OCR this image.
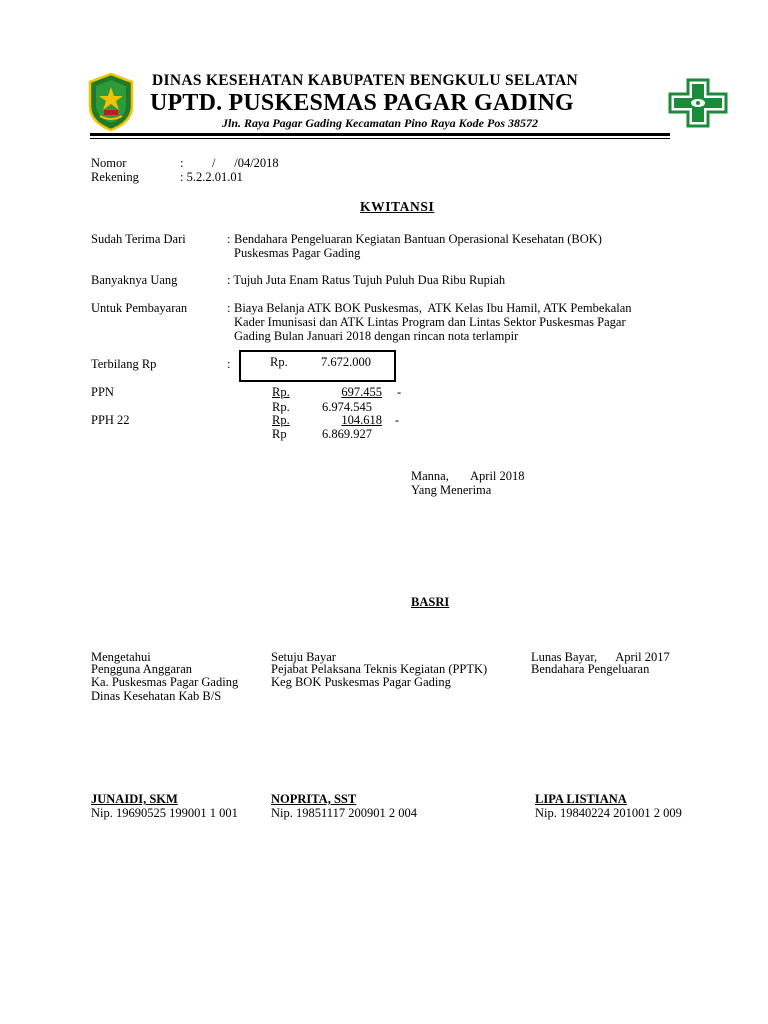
DINAS KESEHATAN KABUPATEN BENGKULU SELATAN
UPTD. PUSKESMAS PAGAR GADING
Jln. Raya Pagar Gading Kecamatan Pino Raya Kode Pos 38572
Nomor	: /      /04/2018
Rekening	: 5.2.2.01.01
KWITANSI
Sudah Terima Dari	: Bendahara Pengeluaran Kegiatan Bantuan Operasional Kesehatan (BOK)
Puskesmas Pagar Gading
Banyaknya Uang	: Tujuh Juta Enam Ratus Tujuh Puluh Dua Ribu Rupiah
Untuk Pembayaran	: Biaya Belanja ATK BOK Puskesmas,  ATK Kelas Ibu Hamil, ATK Pembekalan
Kader Imunisasi dan ATK Lintas Program dan Lintas Sektor Puskesmas Pagar
Gading Bulan Januari 2018 dengan rincan nota terlampir
Terbilang Rp	:	Rp.	7.672.000
PPN	Rp.	697.455 -
Rp.	6.974.545
PPH 22	Rp.	104.618 -
Rp	6.869.927
Manna,       April 2018
Yang Menerima
BASRI
Mengetahui
Pengguna Anggaran
Ka. Puskesmas Pagar Gading
Dinas Kesehatan Kab B/S
JUNAIDI, SKM
Nip. 19690525 199001 1 001
Setuju Bayar
Pejabat Pelaksana Teknis Kegiatan (PPTK)
Keg BOK Puskesmas Pagar Gading
NOPRITA, SST
Nip. 19851117 200901 2 004
Lunas Bayar,      April 2017
Bendahara Pengeluaran
LIPA LISTIANA
Nip. 19840224 201001 2 009
